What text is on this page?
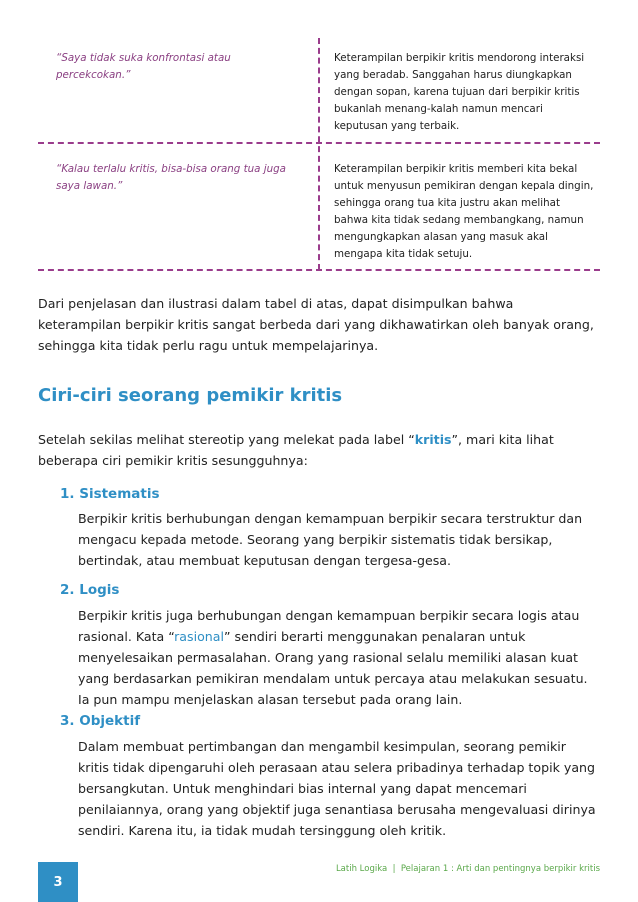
“Saya tidak suka konfrontasi atau percekcokan.”
Keterampilan berpikir kritis mendorong interaksi yang beradab. Sanggahan harus diungkapkan dengan sopan, karena tujuan dari berpikir kritis bukanlah menang-kalah namun mencari keputusan yang terbaik.
“Kalau terlalu kritis, bisa-bisa orang tua juga saya lawan.”
Keterampilan berpikir kritis memberi kita bekal untuk menyusun pemikiran dengan kepala dingin, sehingga orang tua kita justru akan melihat bahwa kita tidak sedang membangkang, namun mengungkapkan alasan yang masuk akal mengapa kita tidak setuju.

Dari penjelasan dan ilustrasi dalam tabel di atas, dapat disimpulkan bahwa keterampilan berpikir kritis sangat berbeda dari yang dikhawatirkan oleh banyak orang, sehingga kita tidak perlu ragu untuk mempelajarinya.

Ciri-ciri seorang pemikir kritis

Setelah sekilas melihat stereotip yang melekat pada label “kritis”, mari kita lihat beberapa ciri pemikir kritis sesungguhnya:

1. Sistematis

Berpikir kritis berhubungan dengan kemampuan berpikir secara terstruktur dan mengacu kepada metode. Seorang yang berpikir sistematis tidak bersikap, bertindak, atau membuat keputusan dengan tergesa-gesa.

2. Logis

Berpikir kritis juga berhubungan dengan kemampuan berpikir secara logis atau rasional. Kata “rasional” sendiri berarti menggunakan penalaran untuk menyelesaikan permasalahan. Orang yang rasional selalu memiliki alasan kuat yang berdasarkan pemikiran mendalam untuk percaya atau melakukan sesuatu. Ia pun mampu menjelaskan alasan tersebut pada orang lain.

3. Objektif

Dalam membuat pertimbangan dan mengambil kesimpulan, seorang pemikir kritis tidak dipengaruhi oleh perasaan atau selera pribadinya terhadap topik yang bersangkutan. Untuk menghindari bias internal yang dapat mencemari penilaiannya, orang yang objektif juga senantiasa berusaha mengevaluasi dirinya sendiri. Karena itu, ia tidak mudah tersinggung oleh kritik.

Latih Logika  |  Pelajaran 1 : Arti dan pentingnya berpikir kritis
3
